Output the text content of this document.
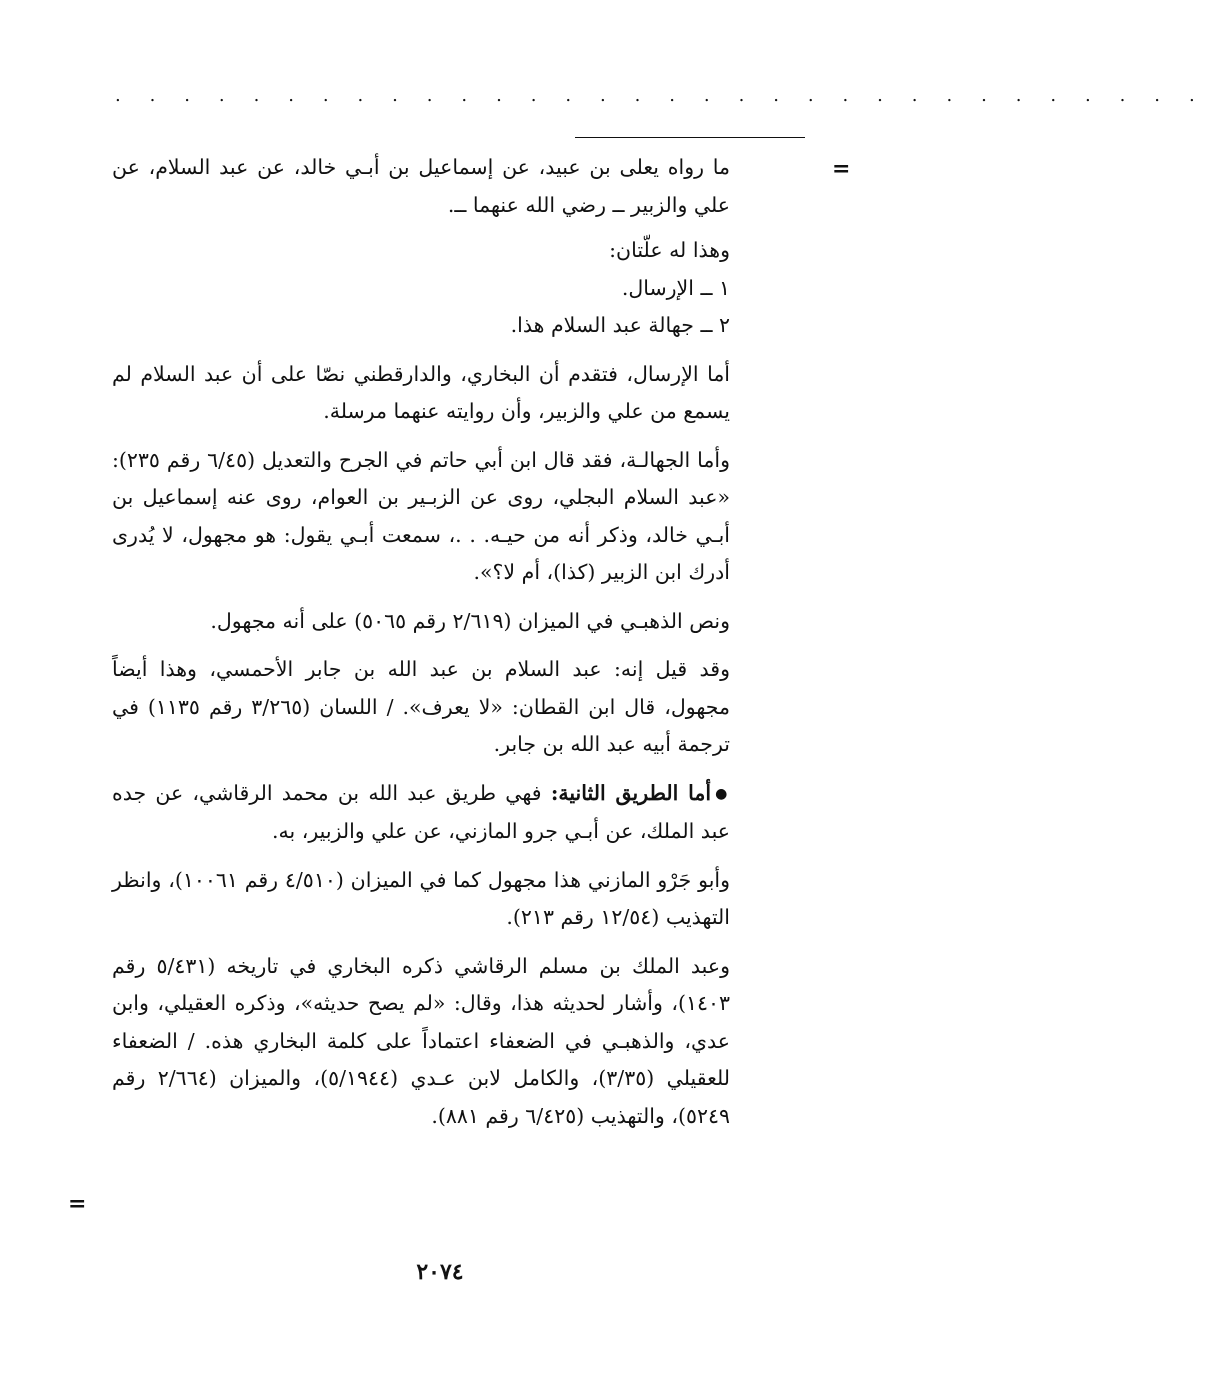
. . . . . . . . . . . . . . . . . . . . . . . . . . . . . . . .
=

ما رواه يعلى بن عبيد، عن إسماعيل بن أبـي خالد، عن عبد السلام، عن علي والزبير ــ رضي الله عنهما ــ.

وهذا له علّتان:

١ ــ الإرسال.

٢ ــ جهالة عبد السلام هذا.

أما الإرسال، فتقدم أن البخاري، والدارقطني نصّا على أن عبد السلام لم يسمع من علي والزبير، وأن روايته عنهما مرسلة.

وأما الجهالـة، فقد قال ابن أبي حاتم في الجرح والتعديل (٦/٤٥ رقم ٢٣٥): «عبد السلام البجلي، روى عن الزبـير بن العوام، روى عنه إسماعيل بن أبـي خالد، وذكر أنه من حيـه. . .، سمعت أبـي يقول: هو مجهول، لا يُدرى أدرك ابن الزبير (كذا)، أم لا؟».

ونص الذهبـي في الميزان (٢/٦١٩ رقم ٥٠٦٥) على أنه مجهول.

وقد قيل إنه: عبد السلام بن عبد الله بن جابر الأحمسي، وهذا أيضاً مجهول، قال ابن القطان: «لا يعرف». / اللسان (٣/٢٦٥ رقم ١١٣٥) في ترجمة أبيه عبد الله بن جابر.

●أما الطريق الثانية: فهي طريق عبد الله بن محمد الرقاشي، عن جده عبد الملك، عن أبـي جرو المازني، عن علي والزبير، به.

وأبو جَرْو المازني هذا مجهول كما في الميزان (٤/٥١٠ رقم ١٠٠٦١)، وانظر التهذيب (١٢/٥٤ رقم ٢١٣).

وعبد الملك بن مسلم الرقاشي ذكره البخاري في تاريخه (٥/٤٣١ رقم ١٤٠٣)، وأشار لحديثه هذا، وقال: «لم يصح حديثه»، وذكره العقيلي، وابن عدي، والذهبـي في الضعفاء اعتماداً على كلمة البخاري هذه. / الضعفاء للعقيلي (٣/٣٥)، والكامل لابن عـدي (٥/١٩٤٤)، والميزان (٢/٦٦٤ رقم ٥٢٤٩)، والتهذيب (٦/٤٢٥ رقم ٨٨١).

=
٢٠٧٤
